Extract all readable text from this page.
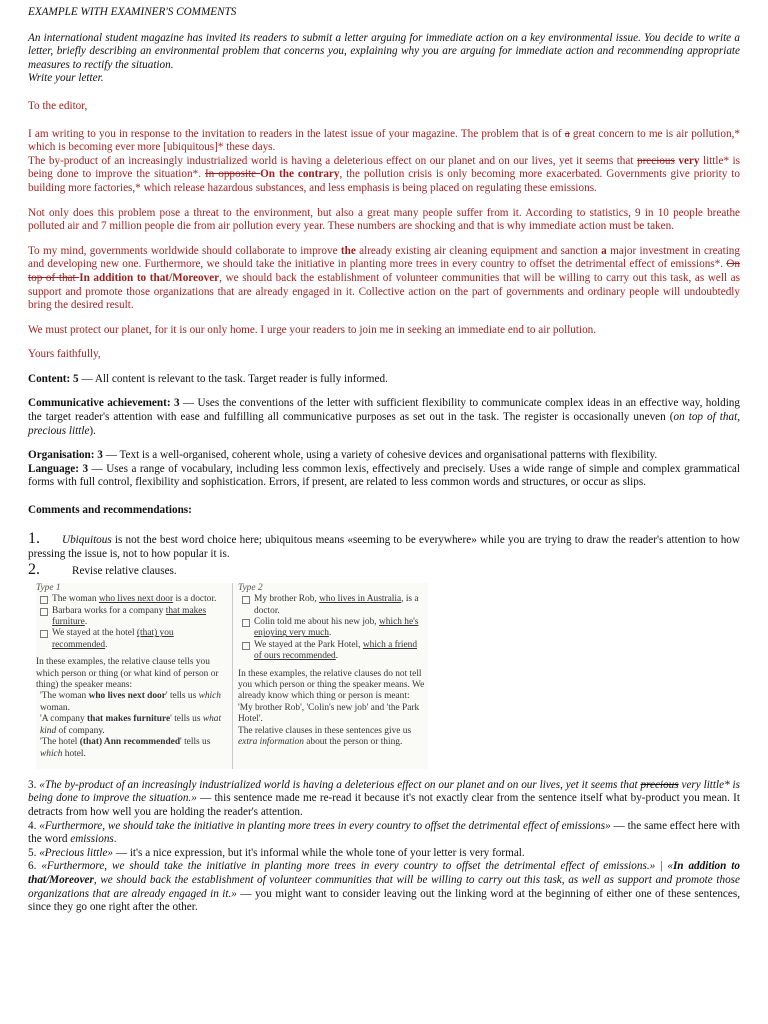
EXAMPLE WITH EXAMINER'S COMMENTS

An international student magazine has invited its readers to submit a letter arguing for immediate action on a key environmental issue. You decide to write a letter, briefly describing an environmental problem that concerns you, explaining why you are arguing for immediate action and recommending appropriate measures to rectify the situation.
Write your letter.

To the editor,

I am writing to you in response to the invitation to readers in the latest issue of your magazine. The problem that is of a great concern to me is air pollution,* which is becoming ever more [ubiquitous]* these days.

The by-product of an increasingly industrialized world is having a deleterious effect on our planet and on our lives, yet it seems that precious very little* is being done to improve the situation*. In opposite On the contrary, the pollution crisis is only becoming more exacerbated. Governments give priority to building more factories,* which release hazardous substances, and less emphasis is being placed on regulating these emissions.

Not only does this problem pose a threat to the environment, but also a great many people suffer from it. According to statistics, 9 in 10 people breathe polluted air and 7 million people die from air pollution every year. These numbers are shocking and that is why immediate action must be taken.

To my mind, governments worldwide should collaborate to improve the already existing air cleaning equipment and sanction a major investment in creating and developing new one. Furthermore, we should take the initiative in planting more trees in every country to offset the detrimental effect of emissions*. On top of that In addition to that/Moreover, we should back the establishment of volunteer communities that will be willing to carry out this task, as well as support and promote those organizations that are already engaged in it. Collective action on the part of governments and ordinary people will undoubtedly bring the desired result.

We must protect our planet, for it is our only home. I urge your readers to join me in seeking an immediate end to air pollution.

Yours faithfully,

Content: 5 — All content is relevant to the task. Target reader is fully informed.

Communicative achievement: 3 — Uses the conventions of the letter with sufficient flexibility to communicate complex ideas in an effective way, holding the target reader's attention with ease and fulfilling all communicative purposes as set out in the task. The register is occasionally uneven (on top of that, precious little).

Organisation: 3 — Text is a well-organised, coherent whole, using a variety of cohesive devices and organisational patterns with flexibility.

Language: 3 — Uses a range of vocabulary, including less common lexis, effectively and precisely. Uses a wide range of simple and complex grammatical forms with full control, flexibility and sophistication. Errors, if present, are related to less common words and structures, or occur as slips.

Comments and recommendations:

1. Ubiquitous is not the best word choice here; ubiquitous means «seeming to be everywhere» while you are trying to draw the reader's attention to how pressing the issue is, not to how popular it is.

2.	Revise relative clauses.

Type 1
The woman who lives next door is a doctor.
Barbara works for a company that makes furniture.
We stayed at the hotel (that) you recommended.
In these examples, the relative clause tells you which person or thing (or what kind of person or thing) the speaker means:
'The woman who lives next door' tells us which woman.
'A company that makes furniture' tells us what kind of company.
'The hotel (that) Ann recommended' tells us which hotel.
Type 2
My brother Rob, who lives in Australia, is a doctor.
Colin told me about his new job, which he's enjoying very much.
We stayed at the Park Hotel, which a friend of ours recommended.
In these examples, the relative clauses do not tell you which person or thing the speaker means. We already know which thing or person is meant: 'My brother Rob', 'Colin's new job' and 'the Park Hotel'.
The relative clauses in these sentences give us extra information about the person or thing.

3. «The by-product of an increasingly industrialized world is having a deleterious effect on our planet and on our lives, yet it seems that precious very little* is being done to improve the situation.» — this sentence made me re-read it because it's not exactly clear from the sentence itself what by-product you mean. It detracts from how well you are holding the reader's attention.

4. «Furthermore, we should take the initiative in planting more trees in every country to offset the detrimental effect of emissions» — the same effect here with the word emissions.

5. «Precious little» — it's a nice expression, but it's informal while the whole tone of your letter is very formal.

6. «Furthermore, we should take the initiative in planting more trees in every country to offset the detrimental effect of emissions.» | «In addition to that/Moreover, we should back the establishment of volunteer communities that will be willing to carry out this task, as well as support and promote those organizations that are already engaged in it.» — you might want to consider leaving out the linking word at the beginning of either one of these sentences, since they go one right after the other.
